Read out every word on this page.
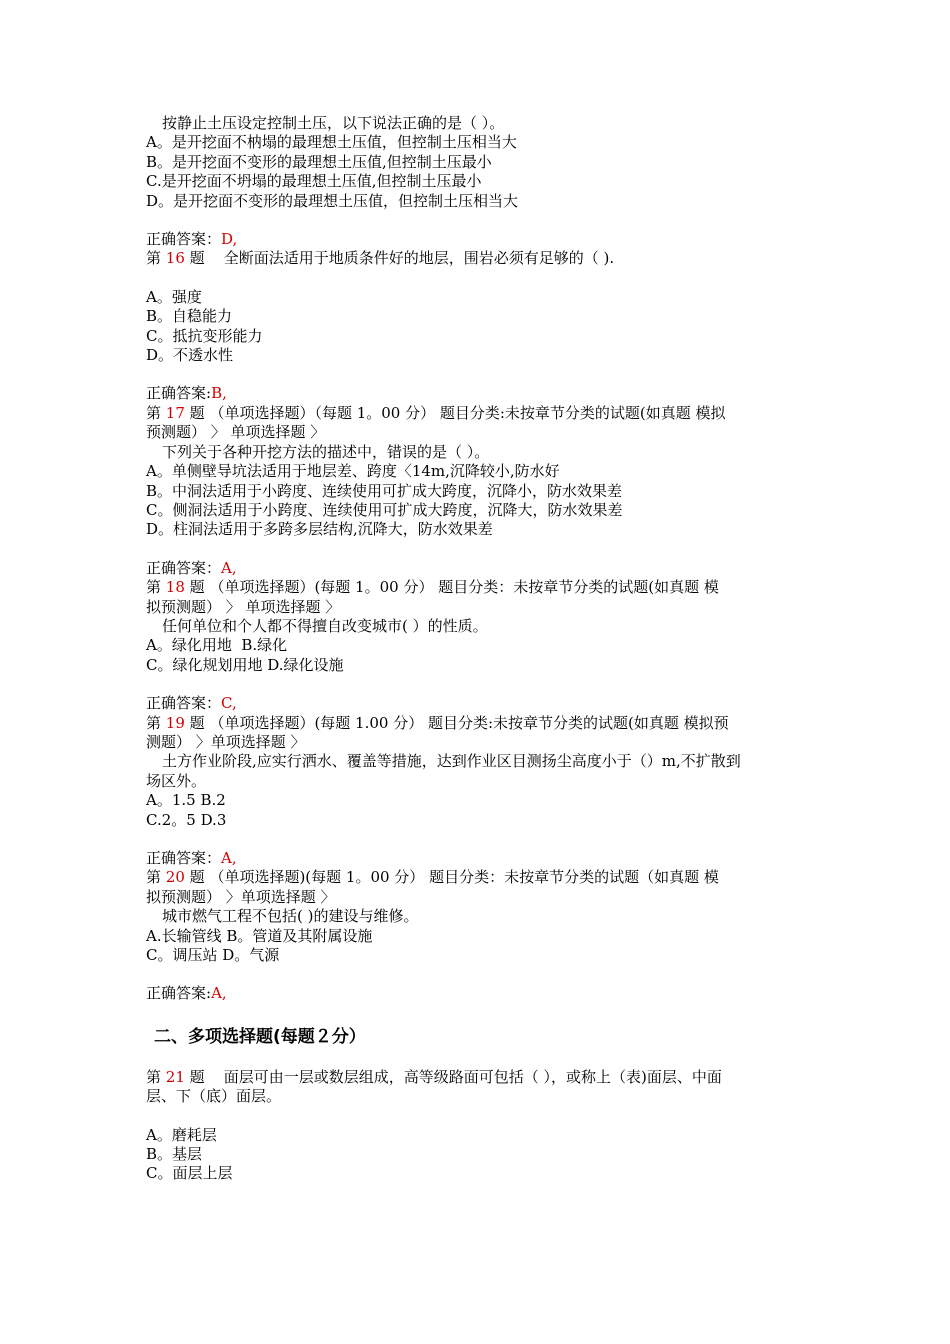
按静止土压设定控制土压，以下说法正确的是（ ）。
A。是开挖面不枘塌的最理想土压值，但控制土压相当大
B。是开挖面不变形的最理想土压值,但控制土压最小
C.是开挖面不坍塌的最理想土压值,但控制土压最小
D。是开挖面不变形的最理想土压值，但控制土压相当大
正确答案：D,
第 16 题 全断面法适用于地质条件好的地层，围岩必须有足够的（ ).
A。强度
B。自稳能力
C。抵抗变形能力
D。不透水性
正确答案:B,
第 17 题 （单项选择题）（每题 1。00 分） 题目分类:未按章节分类的试题(如真题 模拟
预测题） 〉 单项选择题 〉
下列关于各种开挖方法的描述中，错误的是（ ）。
A。单侧壁导坑法适用于地层差、跨度〈14m,沉降较小,防水好
B。中洞法适用于小跨度、连续使用可扩成大跨度，沉降小，防水效果差
C。侧洞法适用于小跨度、连续使用可扩成大跨度，沉降大，防水效果差
D。柱洞法适用于多跨多层结构,沉降大，防水效果差
正确答案：A,
第 18 题 （单项选择题）(每题 1。00 分） 题目分类：未按章节分类的试题(如真题 模
拟预测题） 〉 单项选择题 〉
任何单位和个人都不得擅自改变城市( ）的性质。
A。绿化用地  B.绿化
C。绿化规划用地 D.绿化设施
正确答案：C,
第 19 题 （单项选择题）(每题 1.00 分） 题目分类:未按章节分类的试题(如真题 模拟预
测题） 〉单项选择题 〉
土方作业阶段,应实行洒水、覆盖等措施，达到作业区目测扬尘高度小于（）m,不扩散到
场区外。
A。1.5 B.2
C.2。5 D.3
正确答案：A,
第 20 题 （单项选择题)(每题 1。00 分） 题目分类：未按章节分类的试题（如真题 模
拟预测题） 〉单项选择题 〉
城市燃气工程不包括( )的建设与维修。
A.长输管线 B。管道及其附属设施
C。调压站 D。气源
正确答案:A,
二、多项选择题(每题２分）
第 21 题 面层可由一层或数层组成，高等级路面可包括（ ），或称上（表)面层、中面
层、下（底）面层。
A。磨耗层
B。基层
C。面层上层
